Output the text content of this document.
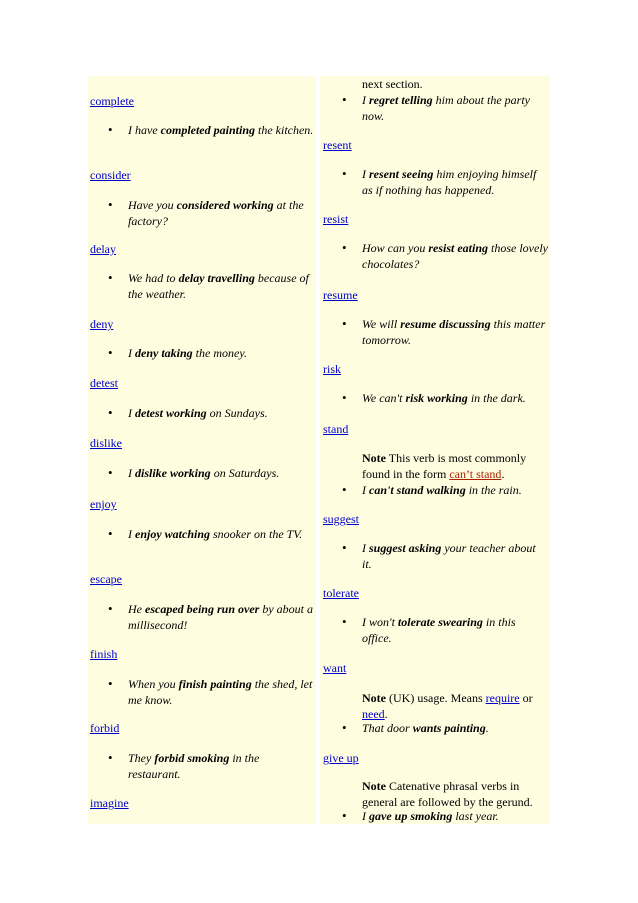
complete
• I have completed painting the kitchen.
consider
• Have you considered working at the factory?
delay
• We had to delay travelling because of the weather.
deny
• I deny taking the money.
detest
• I detest working on Sundays.
dislike
• I dislike working on Saturdays.
enjoy
• I enjoy watching snooker on the TV.
escape
• He escaped being run over by about a millisecond!
finish
• When you finish painting the shed, let me know.
forbid
• They forbid smoking in the restaurant.
imagine
next section.
• I regret telling him about the party now.
resent
• I resent seeing him enjoying himself as if nothing has happened.
resist
• How can you resist eating those lovely chocolates?
resume
• We will resume discussing this matter tomorrow.
risk
• We can't risk working in the dark.
stand
Note This verb is most commonly found in the form can’t stand.
• I can't stand walking in the rain.
suggest
• I suggest asking your teacher about it.
tolerate
• I won't tolerate swearing in this office.
want
Note (UK) usage. Means require or need.
• That door wants painting.
give up
Note Catenative phrasal verbs in general are followed by the gerund.
• I gave up smoking last year.
